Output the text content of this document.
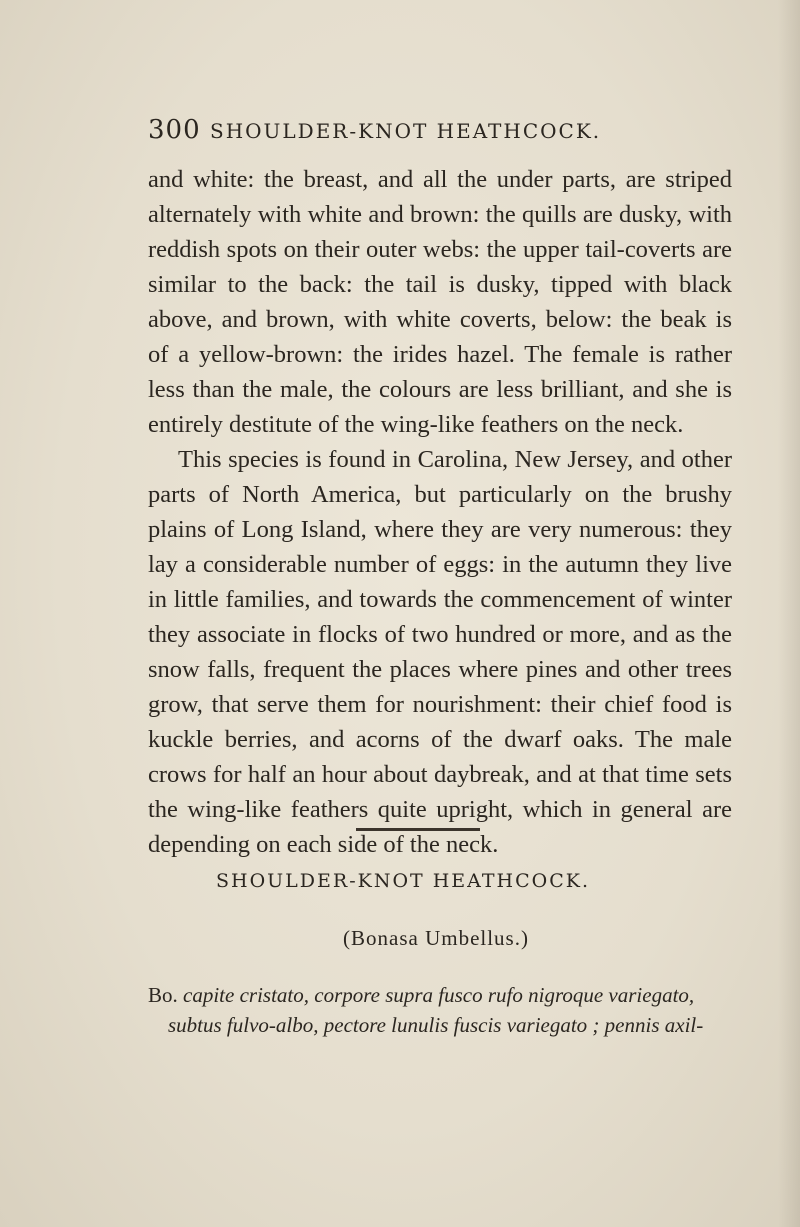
300 SHOULDER-KNOT HEATHCOCK.

and white: the breast, and all the under parts, are striped alternately with white and brown: the quills are dusky, with reddish spots on their outer webs: the upper tail-coverts are similar to the back: the tail is dusky, tipped with black above, and brown, with white coverts, below: the beak is of a yellow-brown: the irides hazel. The female is rather less than the male, the colours are less brilliant, and she is entirely destitute of the wing-like feathers on the neck.

This species is found in Carolina, New Jersey, and other parts of North America, but particularly on the brushy plains of Long Island, where they are very numerous: they lay a considerable number of eggs: in the autumn they live in little families, and towards the commencement of winter they associate in flocks of two hundred or more, and as the snow falls, frequent the places where pines and other trees grow, that serve them for nourishment: their chief food is kuckle berries, and acorns of the dwarf oaks. The male crows for half an hour about daybreak, and at that time sets the wing-like feathers quite upright, which in general are depending on each side of the neck.

SHOULDER-KNOT HEATHCOCK.
(Bonasa Umbellus.)
Bo. capite cristato, corpore supra fusco rufo nigroque variegato,
subtus fulvo-albo, pectore lunulis fuscis variegato ; pennis axil-
